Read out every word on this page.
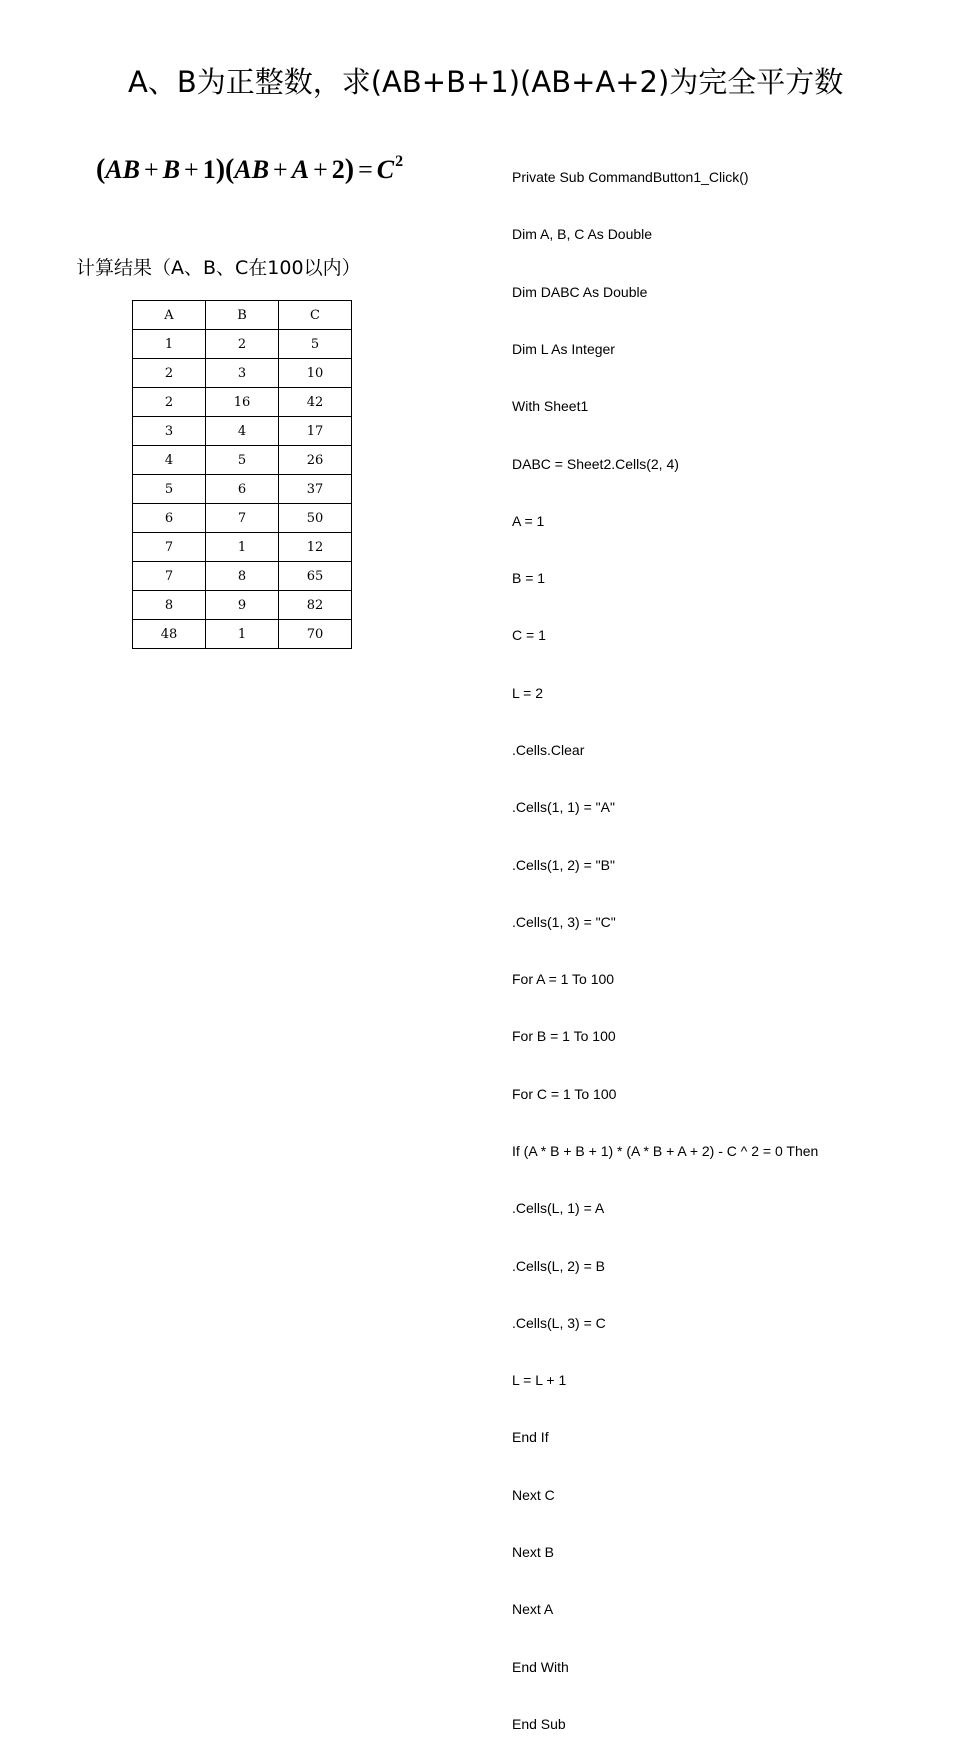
A、B为正整数，求(AB+B+1)(AB+A+2)为完全平方数
$(AB + B + 1)(AB + A + 2) = C^2$
计算结果（A、B、C在100以内）
A	B	C
1	2	5
2	3	10
2	16	42
3	4	17
4	5	26
5	6	37
6	7	50
7	1	12
7	8	65
8	9	82
48	1	70

Private Sub CommandButton1_Click()

Dim A, B, C As Double

Dim DABC As Double

Dim L As Integer

With Sheet1

DABC = Sheet2.Cells(2, 4)

A = 1

B = 1

C = 1

L = 2

.Cells.Clear

.Cells(1, 1) = "A"

.Cells(1, 2) = "B"

.Cells(1, 3) = "C"

For A = 1 To 100

For B = 1 To 100

For C = 1 To 100

If (A * B + B + 1) * (A * B + A + 2) - C ^ 2 = 0 Then

.Cells(L, 1) = A

.Cells(L, 2) = B

.Cells(L, 3) = C

L = L + 1

End If

Next C

Next B

Next A

End With

End Sub
